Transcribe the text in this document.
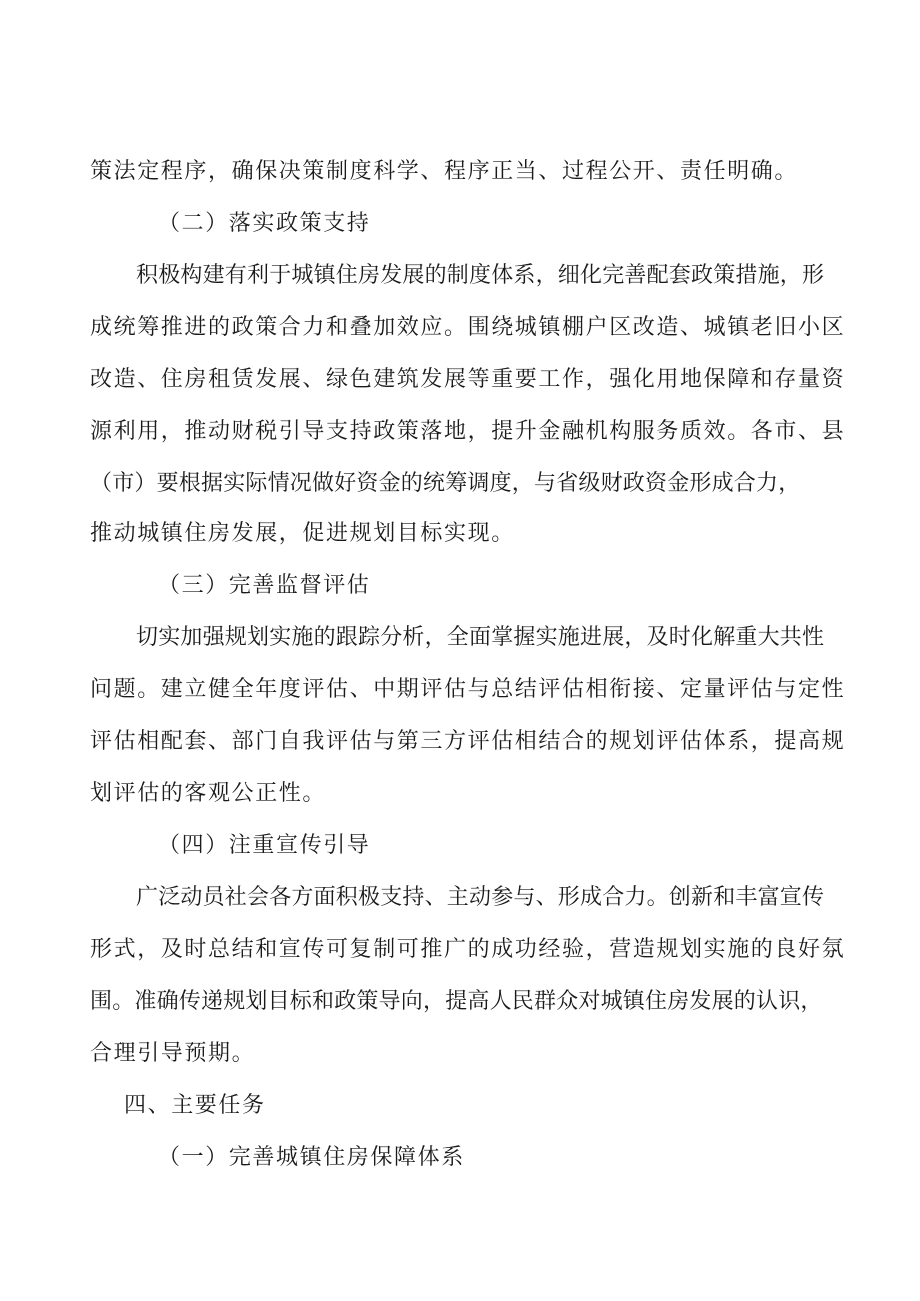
策法定程序，确保决策制度科学、程序正当、过程公开、责任明确。
（二）落实政策支持
积极构建有利于城镇住房发展的制度体系，细化完善配套政策措施，形
成统筹推进的政策合力和叠加效应。围绕城镇棚户区改造、城镇老旧小区
改造、住房租赁发展、绿色建筑发展等重要工作，强化用地保障和存量资
源利用，推动财税引导支持政策落地，提升金融机构服务质效。各市、县
（市）要根据实际情况做好资金的统筹调度，与省级财政资金形成合力，
推动城镇住房发展，促进规划目标实现。
（三）完善监督评估
切实加强规划实施的跟踪分析，全面掌握实施进展，及时化解重大共性
问题。建立健全年度评估、中期评估与总结评估相衔接、定量评估与定性
评估相配套、部门自我评估与第三方评估相结合的规划评估体系，提高规
划评估的客观公正性。
（四）注重宣传引导
广泛动员社会各方面积极支持、主动参与、形成合力。创新和丰富宣传
形式，及时总结和宣传可复制可推广的成功经验，营造规划实施的良好氛
围。准确传递规划目标和政策导向，提高人民群众对城镇住房发展的认识，
合理引导预期。
四、主要任务
（一）完善城镇住房保障体系
